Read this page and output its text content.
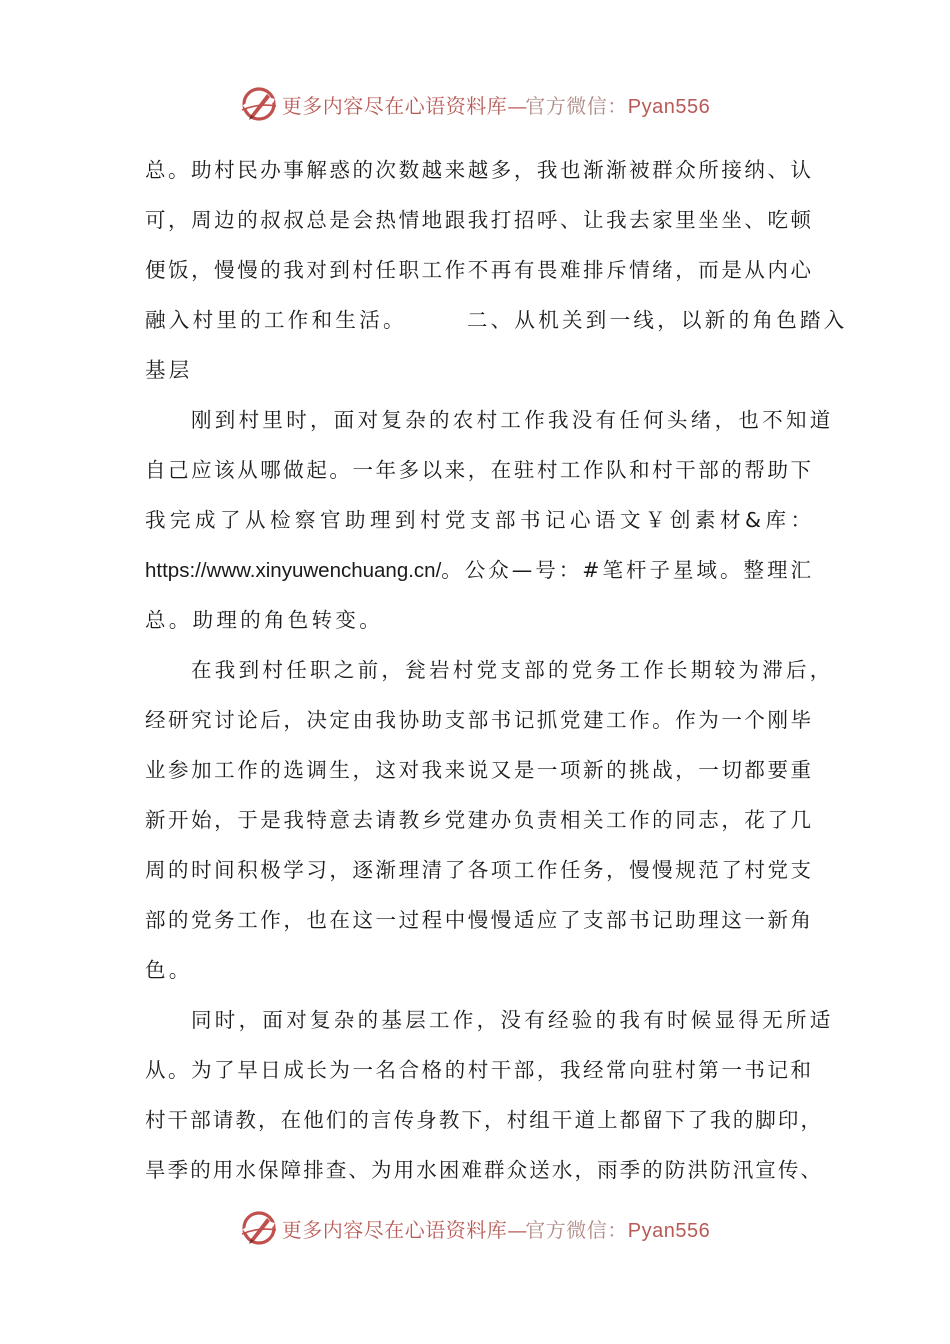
更多内容尽在心语资料库—官方微信：Pyan556
总。助村民办事解惑的次数越来越多，我也渐渐被群众所接纳、认
可，周边的叔叔总是会热情地跟我打招呼、让我去家里坐坐、吃顿
便饭，慢慢的我对到村任职工作不再有畏难排斥情绪，而是从内心
融入村里的工作和生活。	二、从机关到一线，以新的角色踏入
基层
刚到村里时，面对复杂的农村工作我没有任何头绪，也不知道
自己应该从哪做起。一年多以来，在驻村工作队和村干部的帮助下
我完成了从检察官助理到村党支部书记心语文￥创素材&库：
https://www.xinyuwenchuang.cn/。公众—号：#笔杆子星域。整理汇
总。助理的角色转变。
在我到村任职之前，瓮岩村党支部的党务工作长期较为滞后，
经研究讨论后，决定由我协助支部书记抓党建工作。作为一个刚毕
业参加工作的选调生，这对我来说又是一项新的挑战，一切都要重
新开始，于是我特意去请教乡党建办负责相关工作的同志，花了几
周的时间积极学习，逐渐理清了各项工作任务，慢慢规范了村党支
部的党务工作，也在这一过程中慢慢适应了支部书记助理这一新角
色。
同时，面对复杂的基层工作，没有经验的我有时候显得无所适
从。为了早日成长为一名合格的村干部，我经常向驻村第一书记和
村干部请教，在他们的言传身教下，村组干道上都留下了我的脚印，
旱季的用水保障排查、为用水困难群众送水，雨季的防洪防汛宣传、
更多内容尽在心语资料库—官方微信：Pyan556
